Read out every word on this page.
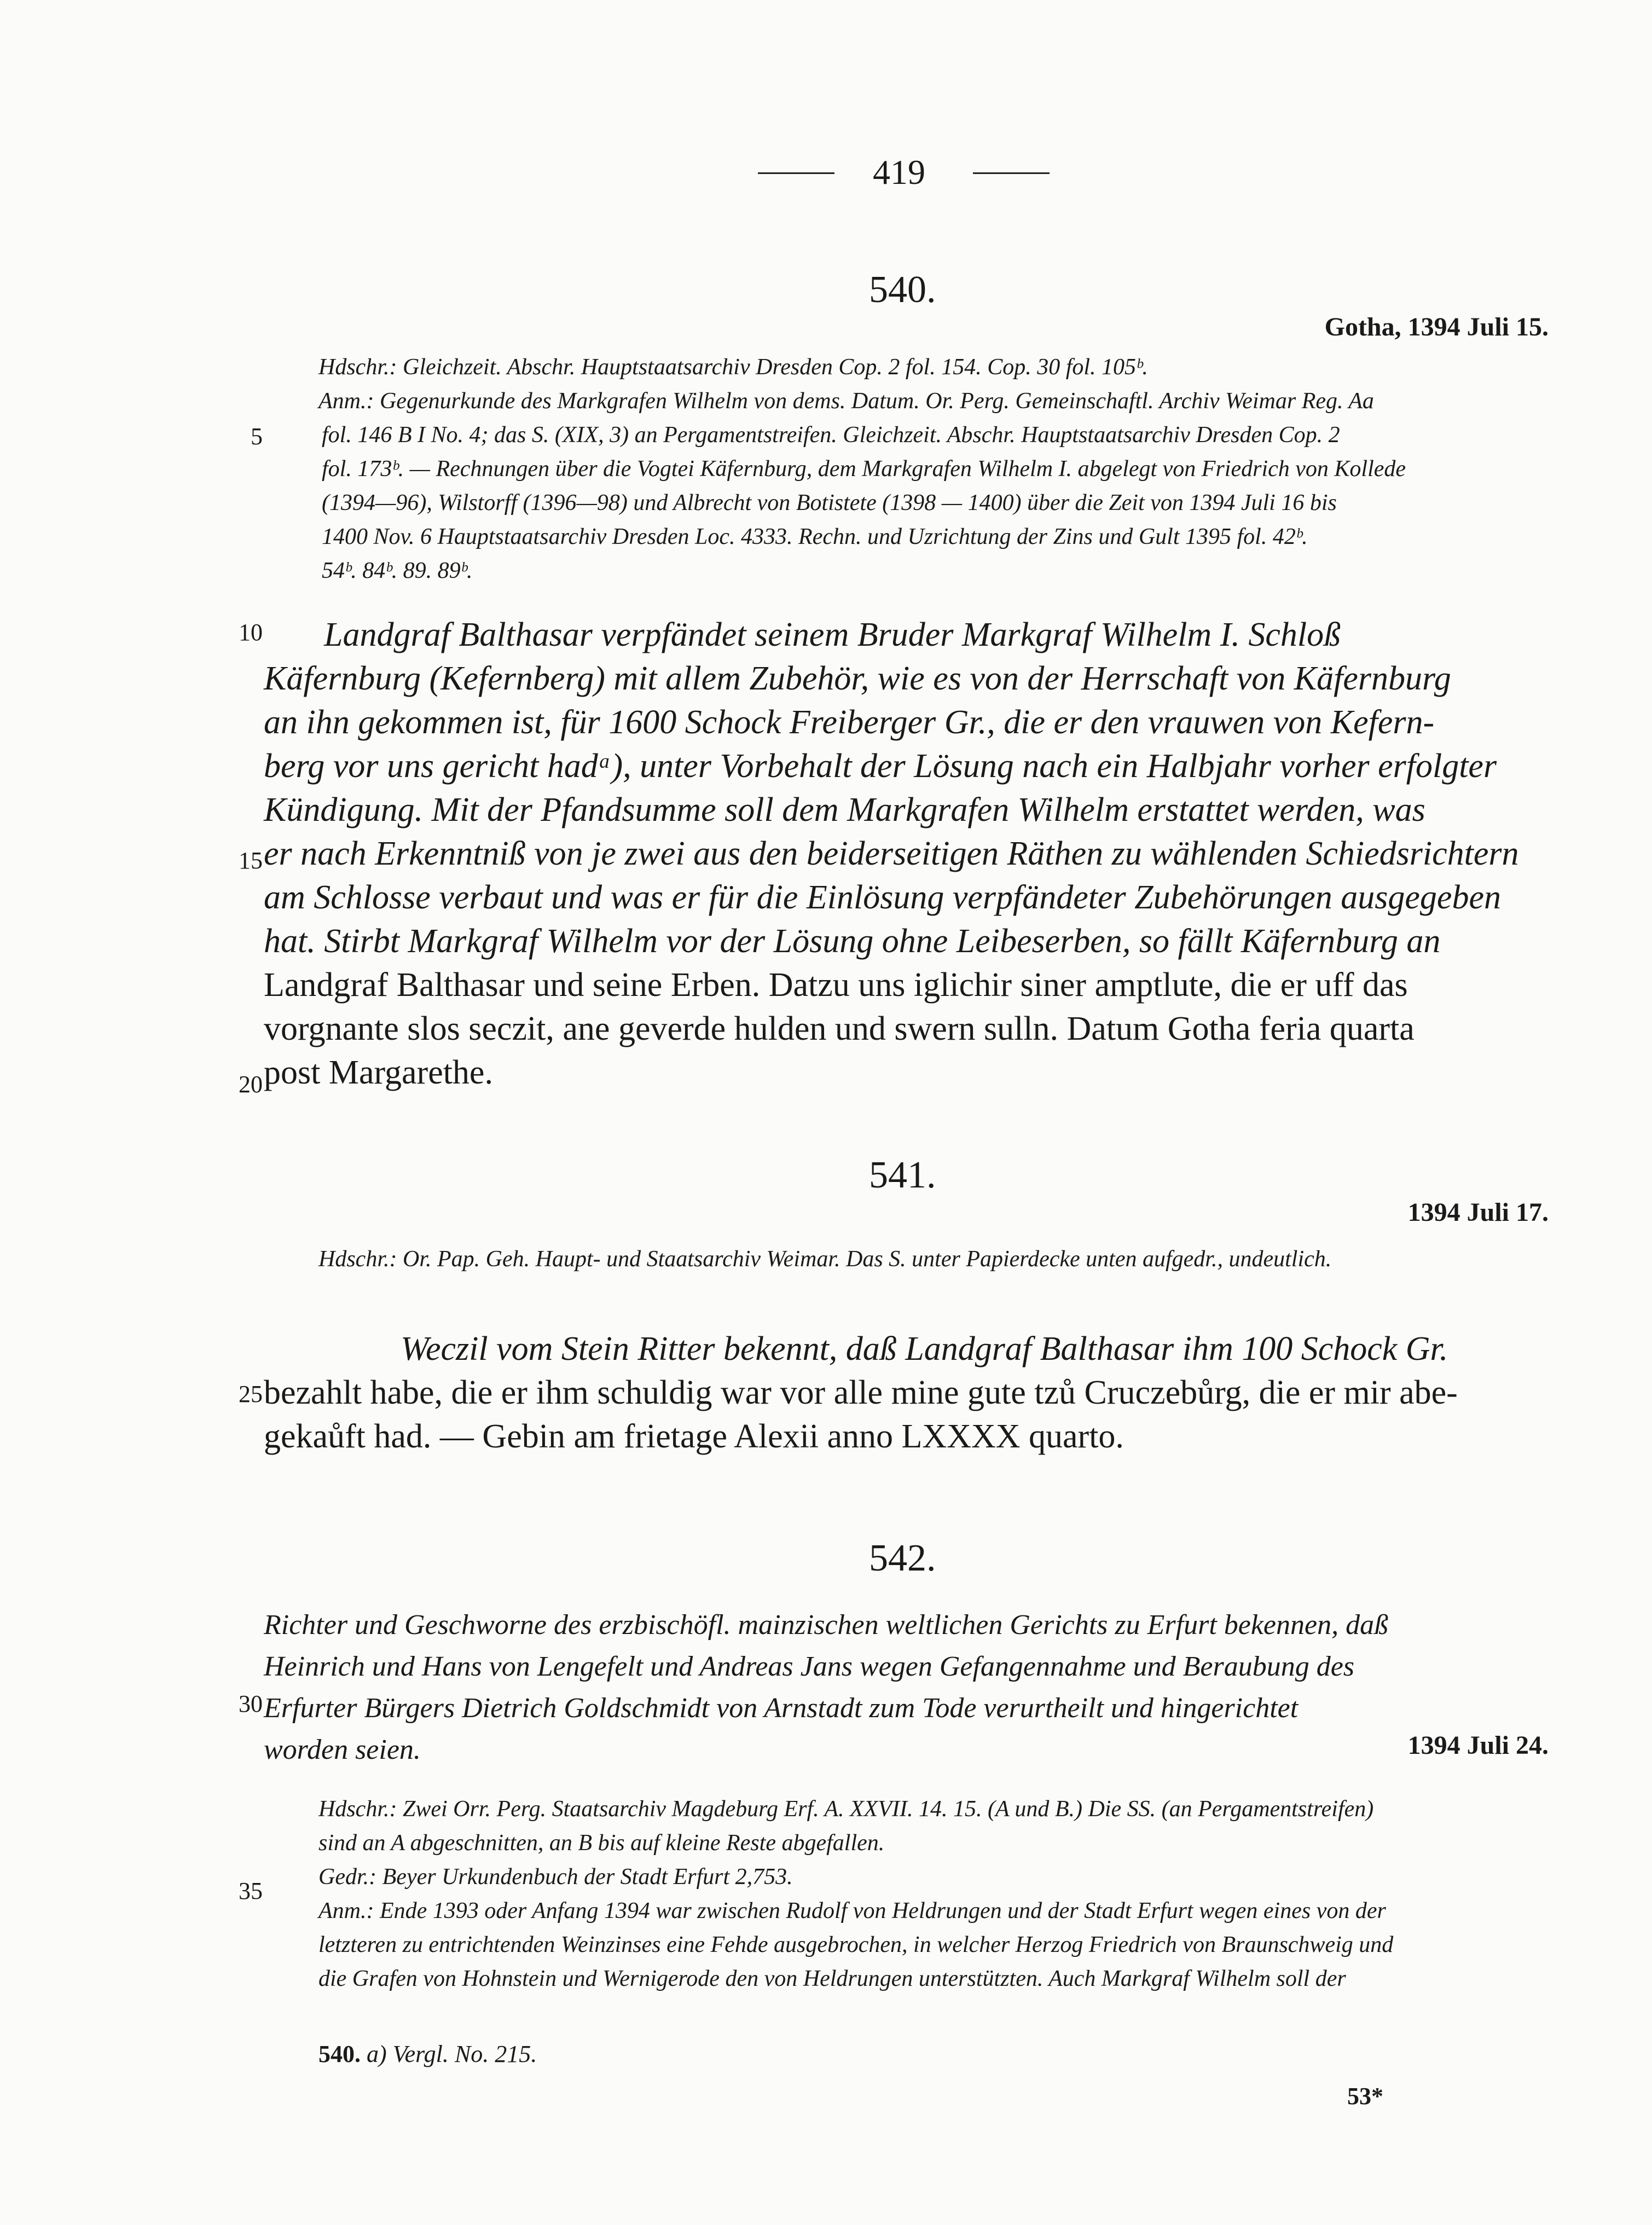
419
5
10
15
20
25
30
35
540.
Gotha, 1394 Juli 15.
Hdschr.: Gleichzeit. Abschr. Hauptstaatsarchiv Dresden Cop. 2 fol. 154. Cop. 30 fol. 105ᵇ.
Anm.: Gegenurkunde des Markgrafen Wilhelm von dems. Datum. Or. Perg. Gemeinschaftl. Archiv Weimar Reg. Aa
fol. 146 B I No. 4; das S. (XIX, 3) an Pergamentstreifen. Gleichzeit. Abschr. Hauptstaatsarchiv Dresden Cop. 2
fol. 173ᵇ. — Rechnungen über die Vogtei Käfernburg, dem Markgrafen Wilhelm I. abgelegt von Friedrich von Kollede
(1394—96), Wilstorff (1396—98) und Albrecht von Botistete (1398 — 1400) über die Zeit von 1394 Juli 16 bis
1400 Nov. 6 Hauptstaatsarchiv Dresden Loc. 4333. Rechn. und Uzrichtung der Zins und Gult 1395 fol. 42ᵇ.
54ᵇ. 84ᵇ. 89. 89ᵇ.
Landgraf Balthasar verpfändet seinem Bruder Markgraf Wilhelm I. Schloß
Käfernburg (Kefernberg) mit allem Zubehör, wie es von der Herrschaft von Käfernburg
an ihn gekommen ist, für 1600 Schock Freiberger Gr., die er den vrauwen von Kefern-
berg vor uns gericht hadᵃ), unter Vorbehalt der Lösung nach ein Halbjahr vorher erfolgter
Kündigung. Mit der Pfandsumme soll dem Markgrafen Wilhelm erstattet werden, was
er nach Erkenntniß von je zwei aus den beiderseitigen Räthen zu wählenden Schiedsrichtern
am Schlosse verbaut und was er für die Einlösung verpfändeter Zubehörungen ausgegeben
hat. Stirbt Markgraf Wilhelm vor der Lösung ohne Leibeserben, so fällt Käfernburg an
Landgraf Balthasar und seine Erben. Datzu uns iglichir siner amptlute, die er uff das
vorgnante slos seczit, ane geverde hulden und swern sulln. Datum Gotha feria quarta
post Margarethe.
541.
1394 Juli 17.
Hdschr.: Or. Pap. Geh. Haupt- und Staatsarchiv Weimar. Das S. unter Papierdecke unten aufgedr., undeutlich.
Weczil vom Stein Ritter bekennt, daß Landgraf Balthasar ihm 100 Schock Gr.
bezahlt habe, die er ihm schuldig war vor alle mine gute tzů Cruczebůrg, die er mir abe-
gekaůft had. — Gebin am frietage Alexii anno LXXXX quarto.
542.
Richter und Geschworne des erzbischöfl. mainzischen weltlichen Gerichts zu Erfurt bekennen, daß
Heinrich und Hans von Lengefelt und Andreas Jans wegen Gefangennahme und Beraubung des
Erfurter Bürgers Dietrich Goldschmidt von Arnstadt zum Tode verurtheilt und hingerichtet
worden seien.	1394 Juli 24.
Hdschr.: Zwei Orr. Perg. Staatsarchiv Magdeburg Erf. A. XXVII. 14. 15. (A und B.) Die SS. (an Pergamentstreifen)
sind an A abgeschnitten, an B bis auf kleine Reste abgefallen.
Gedr.: Beyer Urkundenbuch der Stadt Erfurt 2,753.
Anm.: Ende 1393 oder Anfang 1394 war zwischen Rudolf von Heldrungen und der Stadt Erfurt wegen eines von der
letzteren zu entrichtenden Weinzinses eine Fehde ausgebrochen, in welcher Herzog Friedrich von Braunschweig und
die Grafen von Hohnstein und Wernigerode den von Heldrungen unterstützten. Auch Markgraf Wilhelm soll der
540. a) Vergl. No. 215.
53*
